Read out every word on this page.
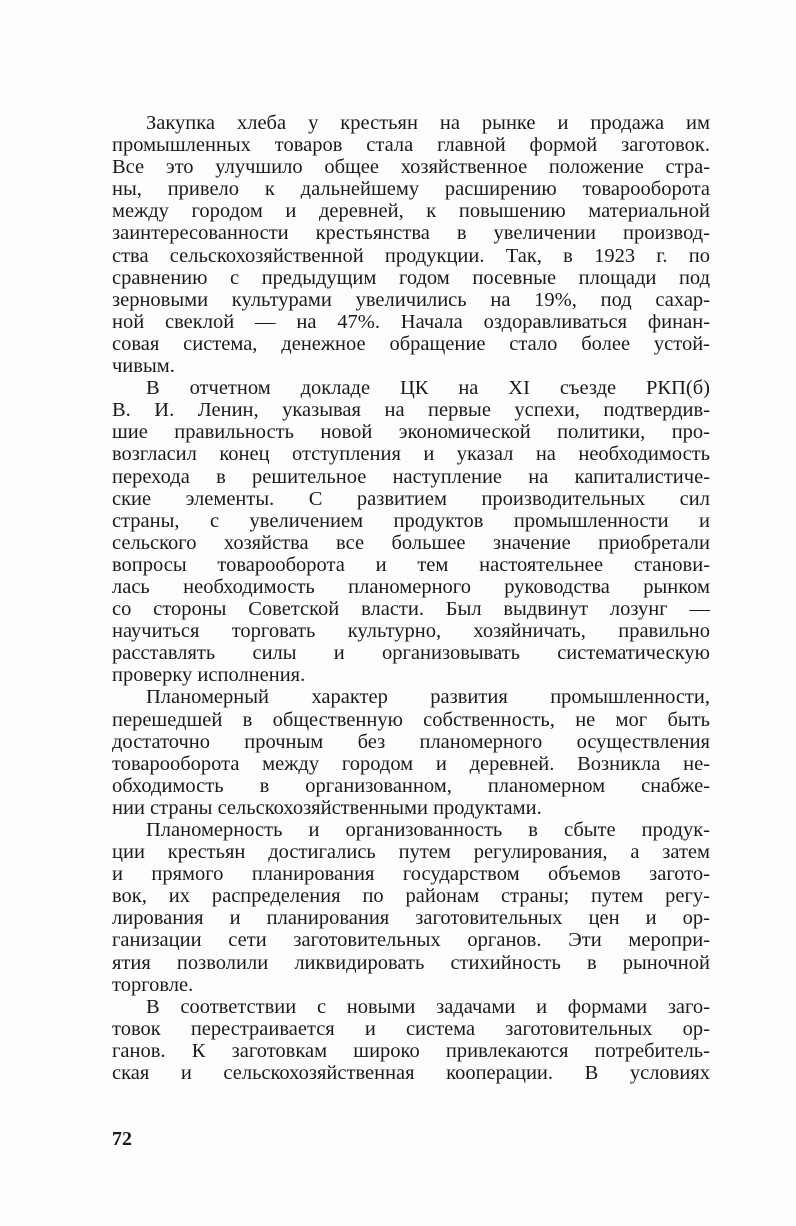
Закупка хлеба у крестьян на рынке и продажа им
промышленных товаров стала главной формой заготовок.
Все это улучшило общее хозяйственное положение стра-
ны, привело к дальнейшему расширению товарооборота
между городом и деревней, к повышению материальной
заинтересованности крестьянства в увеличении производ-
ства сельскохозяйственной продукции. Так, в 1923 г. по
сравнению с предыдущим годом посевные площади под
зерновыми культурами увеличились на 19%, под сахар-
ной свеклой — на 47%. Начала оздоравливаться финан-
совая система, денежное обращение стало более устой-
чивым.
В отчетном докладе ЦК на XI съезде РКП(б)
В. И. Ленин, указывая на первые успехи, подтвердив-
шие правильность новой экономической политики, про-
возгласил конец отступления и указал на необходимость
перехода в решительное наступление на капиталистиче-
ские элементы. С развитием производительных сил
страны, с увеличением продуктов промышленности и
сельского хозяйства все большее значение приобретали
вопросы товарооборота и тем настоятельнее станови-
лась необходимость планомерного руководства рынком
со стороны Советской власти. Был выдвинут лозунг —
научиться торговать культурно, хозяйничать, правильно
расставлять силы и организовывать систематическую
проверку исполнения.
Планомерный характер развития промышленности,
перешедшей в общественную собственность, не мог быть
достаточно прочным без планомерного осуществления
товарооборота между городом и деревней. Возникла не-
обходимость в организованном, планомерном снабже-
нии страны сельскохозяйственными продуктами.
Планомерность и организованность в сбыте продук-
ции крестьян достигались путем регулирования, а затем
и прямого планирования государством объемов загото-
вок, их распределения по районам страны; путем регу-
лирования и планирования заготовительных цен и ор-
ганизации сети заготовительных органов. Эти меропри-
ятия позволили ликвидировать стихийность в рыночной
торговле.
В соответствии с новыми задачами и формами заго-
товок перестраивается и система заготовительных ор-
ганов. К заготовкам широко привлекаются потребитель-
ская и сельскохозяйственная кооперации. В условиях
72
